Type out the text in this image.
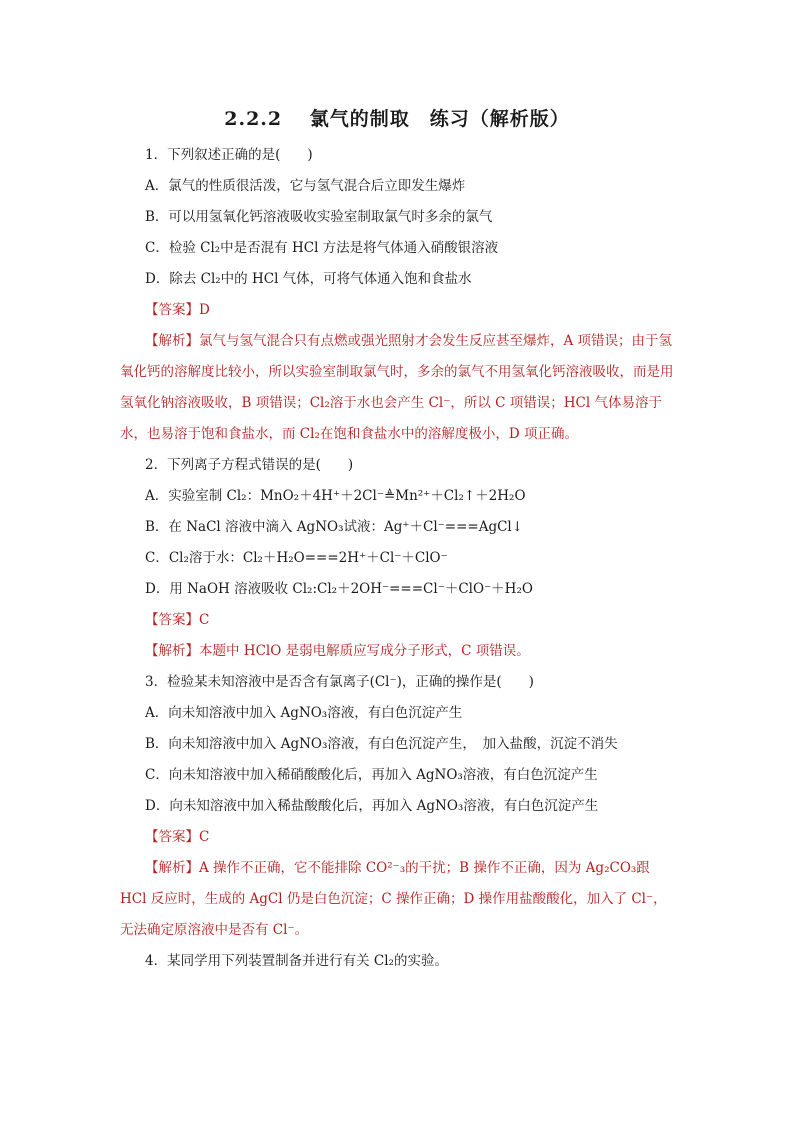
2.2.2　 氯气的制取　练习（解析版）
1．下列叙述正确的是(　　)
A．氯气的性质很活泼，它与氢气混合后立即发生爆炸
B．可以用氢氧化钙溶液吸收实验室制取氯气时多余的氯气
C．检验 Cl₂中是否混有 HCl 方法是将气体通入硝酸银溶液
D．除去 Cl₂中的 HCl 气体，可将气体通入饱和食盐水
【答案】D
【解析】氯气与氢气混合只有点燃或强光照射才会发生反应甚至爆炸，A 项错误；由于氢氧化钙的溶解度比较小，所以实验室制取氯气时，多余的氯气不用氢氧化钙溶液吸收，而是用氢氧化钠溶液吸收，B 项错误；Cl₂溶于水也会产生 Cl⁻，所以 C 项错误；HCl 气体易溶于水，也易溶于饱和食盐水，而 Cl₂在饱和食盐水中的溶解度极小，D 项正确。
2．下列离子方程式错误的是(　　)
A．实验室制 Cl₂：MnO₂＋4H⁺＋2Cl⁻≜Mn²⁺＋Cl₂↑＋2H₂O
B．在 NaCl 溶液中滴入 AgNO₃试液：Ag⁺＋Cl⁻===AgCl↓
C．Cl₂溶于水：Cl₂＋H₂O===2H⁺＋Cl⁻＋ClO⁻
D．用 NaOH 溶液吸收 Cl₂:Cl₂＋2OH⁻===Cl⁻＋ClO⁻＋H₂O
【答案】C
【解析】本题中 HClO 是弱电解质应写成分子形式，C 项错误。
3．检验某未知溶液中是否含有氯离子(Cl⁻)，正确的操作是(　　)
A．向未知溶液中加入 AgNO₃溶液，有白色沉淀产生
B．向未知溶液中加入 AgNO₃溶液，有白色沉淀产生，　加入盐酸，沉淀不消失
C．向未知溶液中加入稀硝酸酸化后，再加入 AgNO₃溶液，有白色沉淀产生
D．向未知溶液中加入稀盐酸酸化后，再加入 AgNO₃溶液，有白色沉淀产生
【答案】C
【解析】A 操作不正确，它不能排除 CO²⁻₃的干扰；B 操作不正确，因为 Ag₂CO₃跟 HCl 反应时，生成的 AgCl 仍是白色沉淀；C 操作正确；D 操作用盐酸酸化，加入了 Cl⁻，无法确定原溶液中是否有 Cl⁻。
4．某同学用下列装置制备并进行有关 Cl₂的实验。
